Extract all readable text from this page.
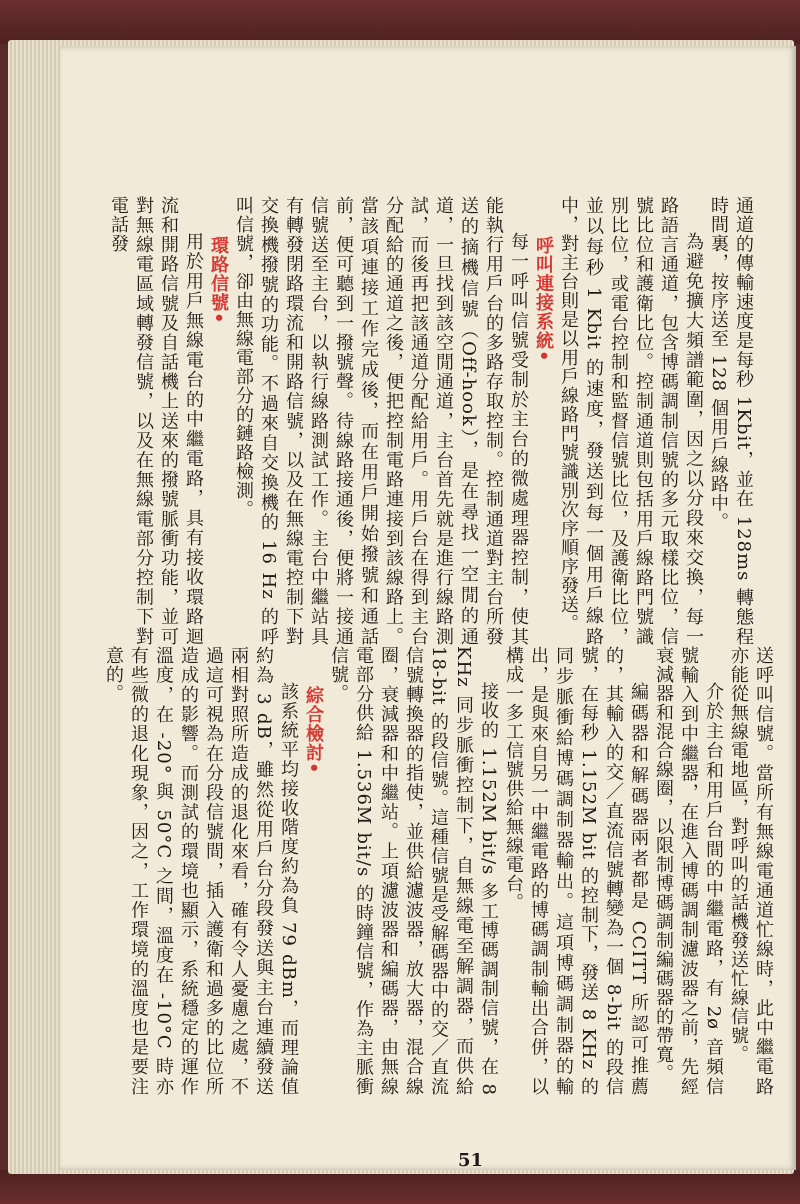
通道的傳輸速度是每秒 1Kbit，並在 128ms 轉態程時間裏，按序送至 128 個用戶線路中。

為避免擴大頻譜範圍，因之以分段來交換，每一路語言通道，包含博碼調制信號的多元取樣比位，信號比位和護衛比位。控制通道則包括用戶線路門號識別比位，或電台控制和監督信號比位，及護衛比位，並以每秒 1 Kbit 的速度，發送到每一個用戶線路中，對主台則是以用戶線路門號識別次序順序發送。

呼叫連接系統•

每一呼叫信號受制於主台的微處理器控制，使其能執行用戶台的多路存取控制。控制通道對主台所發送的摘機信號（Off-hook），是在尋找一空閒的通道，一旦找到該空閒通道，主台首先就是進行線路測試，而後再把該通道分配給用戶。用戶台在得到主台分配給的通道之後，便把控制電路連接到該線路上。當該項連接工作完成後，而在用戶開始撥號和通話前，便可聽到一撥號聲。待線路接通後，便將一接通信號送至主台，以執行線路測試工作。主台中繼站具有轉發閉路環流和開路信號，以及在無線電控制下對交換機撥號的功能。不過來自交換機的 16 Hz 的呼叫信號，卻由無線電部分的鏈路檢測。

環路信號•

用於用戶無線電台的中繼電路，具有接收環路迴流和開路信號及自話機上送來的撥號脈衝功能，並可對無線電區域轉發信號，以及在無線電部分控制下對電話發

送呼叫信號。當所有無線電通道忙線時，此中繼電路亦能從無線電地區，對呼叫的話機發送忙線信號。

介於主台和用戶台間的中繼電路，有 2ø 音頻信號輸入到中繼器，在進入博碼調制濾波器之前，先經衰減器和混合線圈，以限制博碼調制編碼器的帶寬。

編碼器和解碼器兩者都是 CCITT 所認可推薦的，其輸入的交／直流信號轉變為一個 8-bit 的段信號，在每秒 1.152M bit 的控制下，發送 8 KHz 的同步脈衝給博碼調制器輸出。這項博碼調制器的輸出，是與來自另一中繼電路的博碼調制輸出合併，以構成一多工信號供給無線電台。

接收的 1.152M bit/s 多工博碼調制信號，在 8 KHz 同步脈衝控制下，自無線電至解調器，而供給 18-bit 的段信號。這種信號是受解碼器中的交／直流信號轉換器的指使，並供給濾波器，放大器，混合線圈，衰減器和中繼站。上項濾波器和編碼器，由無線電部分供給 1.536M bit/s 的時鐘信號，作為主脈衝信號。

綜合檢討•

該系統平均接收階度約為負 79 dBm，而理論值約為 3 dB，雖然從用戶台分段發送與主台連續發送兩相對照所造成的退化來看，確有令人憂慮之處，不過這可視為在分段信號間，插入護衛和過多的比位所造成的影響。而測試的環境也顯示，系統穩定的運作溫度，在 -20° 與 50°C 之間，溫度在 -10°C 時亦有些微的退化現象，因之，工作環境的溫度也是要注意的。

51
